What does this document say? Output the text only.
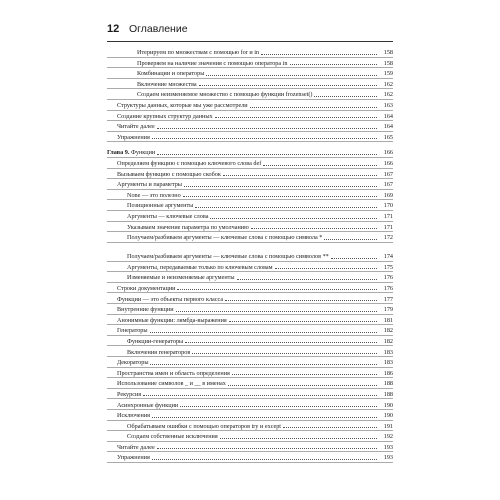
12 Оглавление
Итерируем по множествам с помощью for и in	158
Проверяем на наличие значения с помощью оператора in	158
Комбинации и операторы	159
Включение множества	162
Создаем неизменяемое множество с помощью функции frozenset()	162
Структуры данных, которые мы уже рассмотрели	163
Создание крупных структур данных	164
Читайте далее	164
Упражнения	165
Глава 9. Функции	166
Определяем функцию с помощью ключевого слова def	166
Вызываем функцию с помощью скобок	167
Аргументы и параметры	167
None — это полезно	169
Позиционные аргументы	170
Аргументы — ключевые слова	171
Указываем значение параметра по умолчанию	171
Получаем/разбиваем аргументы — ключевые слова с помощью символа *	172
Получаем/разбиваем аргументы — ключевые слова с помощью символов **	174
Аргументы, передаваемые только по ключевым словам	175
Изменяемые и неизменяемые аргументы	176
Строки документации	176
Функции — это объекты первого класса	177
Внутренние функции	179
Анонимные функции: лямбда-выражения	181
Генераторы	182
Функции-генераторы	182
Включения генераторов	183
Декораторы	183
Пространства имен и область определения	186
Использование символов _ и __ в именах	188
Рекурсия	188
Асинхронные функции	190
Исключения	190
Обрабатываем ошибки с помощью операторов try и except	191
Создаем собственные исключения	192
Читайте далее	193
Упражнения	193
